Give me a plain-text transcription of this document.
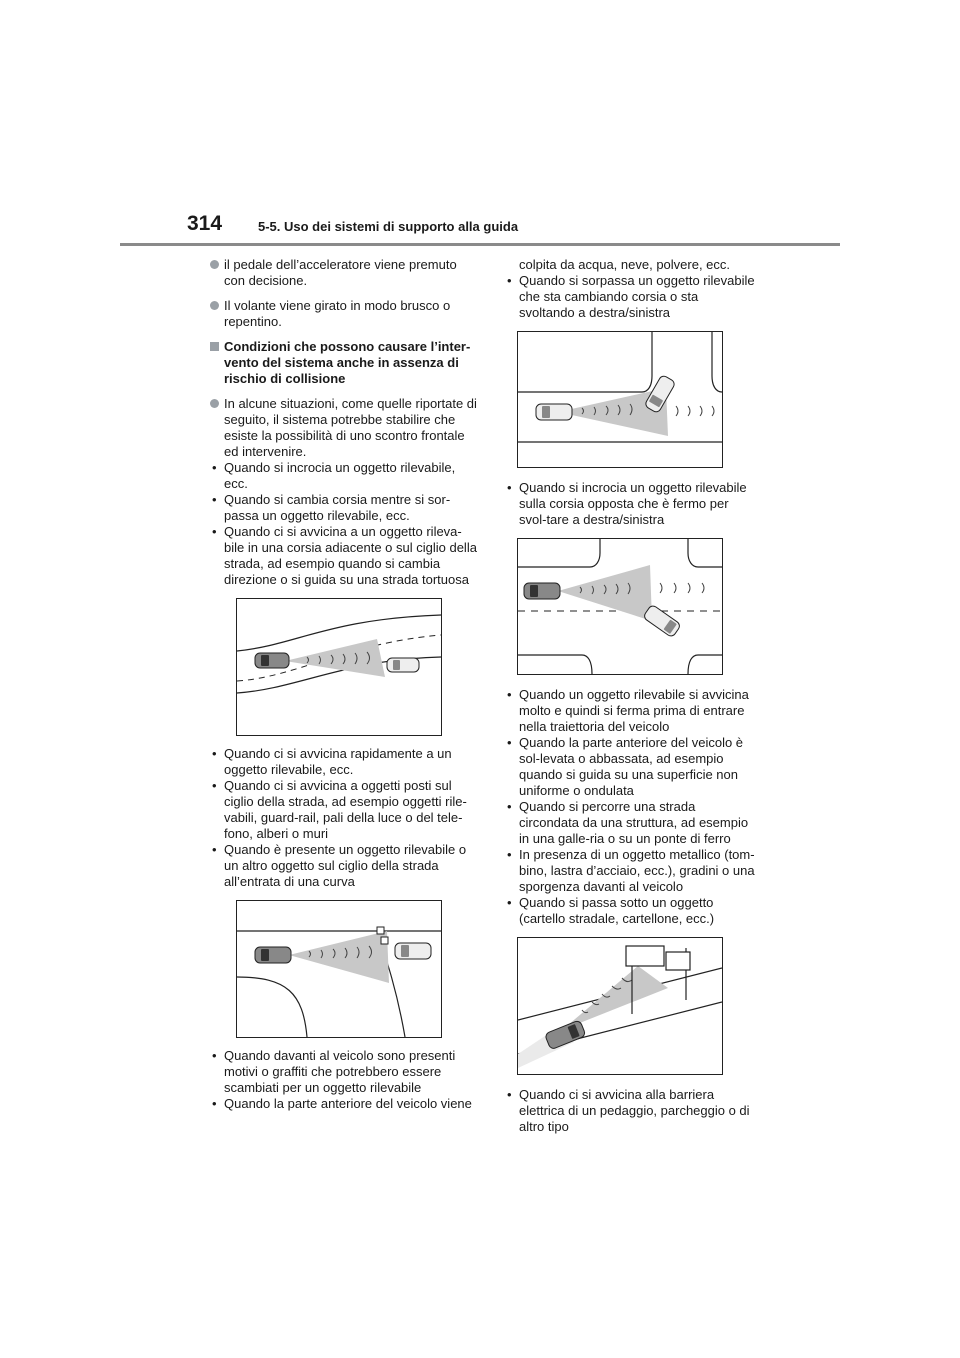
314	5-5. Uso dei sistemi di supporto alla guida
il pedale dell’acceleratore viene premuto con decisione.
Il volante viene girato in modo brusco o repentino.
Condizioni che possono causare l’inter-vento del sistema anche in assenza di rischio di collisione
In alcune situazioni, come quelle riportate di seguito, il sistema potrebbe stabilire che esiste la possibilità di uno scontro frontale ed intervenire.
• Quando si incrocia un oggetto rilevabile, ecc.
• Quando si cambia corsia mentre si sor-passa un oggetto rilevabile, ecc.
• Quando ci si avvicina a un oggetto rileva-bile in una corsia adiacente o sul ciglio della strada, ad esempio quando si cambia direzione o si guida su una strada tortuosa
• Quando ci si avvicina rapidamente a un oggetto rilevabile, ecc.
• Quando ci si avvicina a oggetti posti sul ciglio della strada, ad esempio oggetti rile-vabili, guard-rail, pali della luce o del tele-fono, alberi o muri
• Quando è presente un oggetto rilevabile o un altro oggetto sul ciglio della strada all’entrata di una curva
• Quando davanti al veicolo sono presenti motivi o graffiti che potrebbero essere scambiati per un oggetto rilevabile
• Quando la parte anteriore del veicolo viene
colpita da acqua, neve, polvere, ecc.
• Quando si sorpassa un oggetto rilevabile che sta cambiando corsia o sta svoltando a destra/sinistra
• Quando si incrocia un oggetto rilevabile sulla corsia opposta che è fermo per svol-tare a destra/sinistra
• Quando un oggetto rilevabile si avvicina molto e quindi si ferma prima di entrare nella traiettoria del veicolo
• Quando la parte anteriore del veicolo è sol-levata o abbassata, ad esempio quando si guida su una superficie non uniforme o ondulata
• Quando si percorre una strada circondata da una struttura, ad esempio in una galle-ria o su un ponte di ferro
• In presenza di un oggetto metallico (tom-bino, lastra d’acciaio, ecc.), gradini o una sporgenza davanti al veicolo
• Quando si passa sotto un oggetto (cartello stradale, cartellone, ecc.)
• Quando ci si avvicina alla barriera elettrica di un pedaggio, parcheggio o di altro tipo
